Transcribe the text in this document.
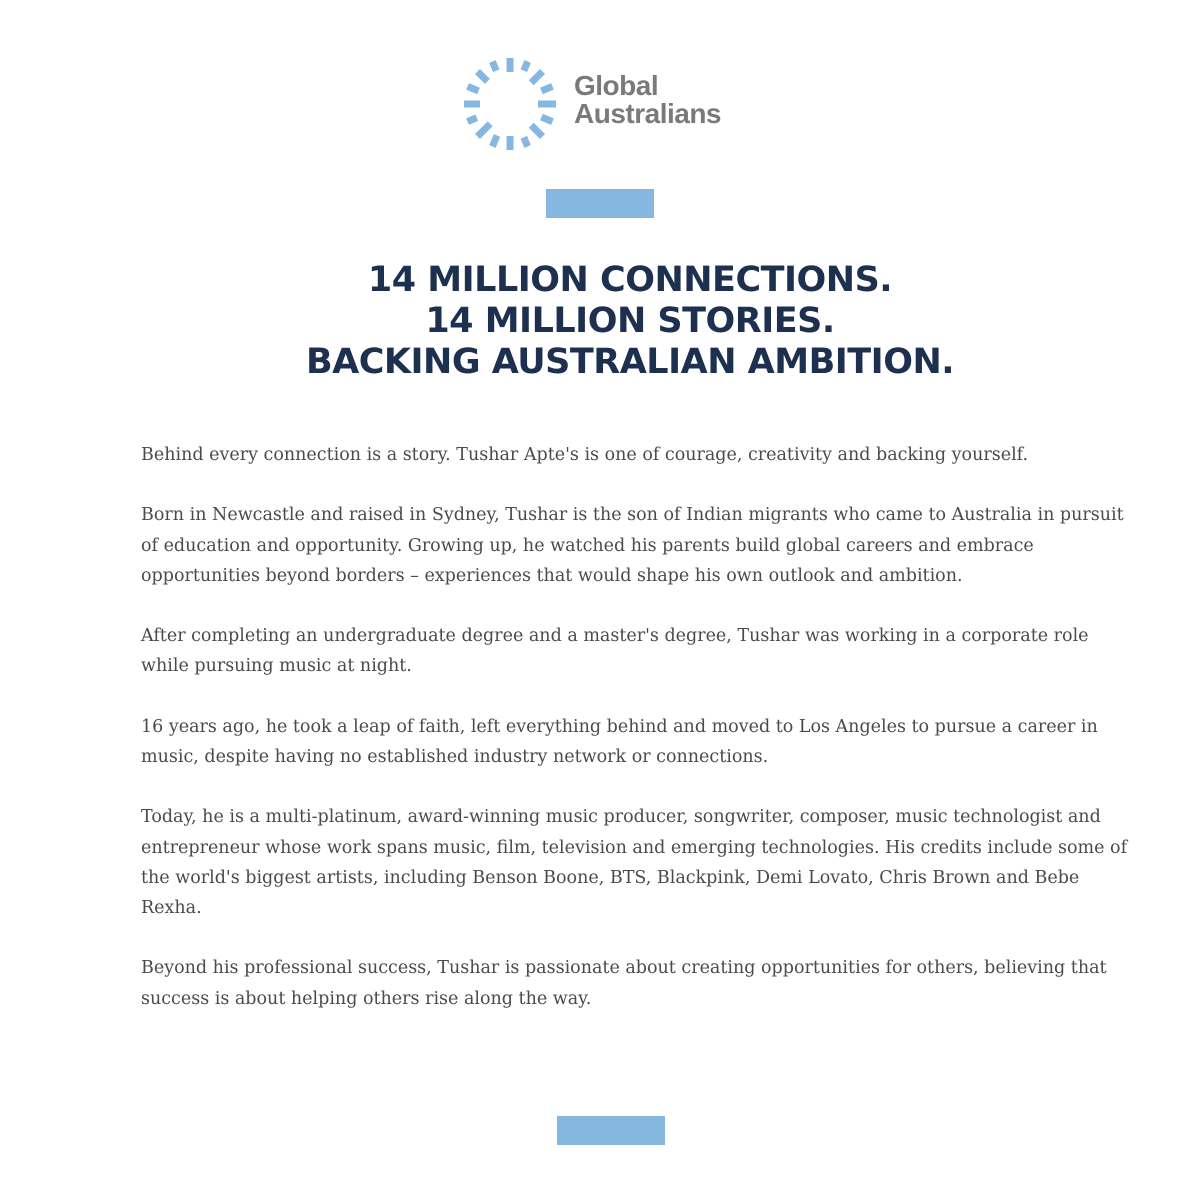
Global
Australians
14 MILLION CONNECTIONS.
14 MILLION STORIES.
BACKING AUSTRALIAN AMBITION.

Behind every connection is a story. Tushar Apte's is one of courage, creativity and backing yourself.

Born in Newcastle and raised in Sydney, Tushar is the son of Indian migrants who came to Australia in pursuit of education and opportunity. Growing up, he watched his parents build global careers and embrace opportunities beyond borders – experiences that would shape his own outlook and ambition.

After completing an undergraduate degree and a master's degree, Tushar was working in a corporate role while pursuing music at night.

16 years ago, he took a leap of faith, left everything behind and moved to Los Angeles to pursue a career in music, despite having no established industry network or connections.

Today, he is a multi-platinum, award-winning music producer, songwriter, composer, music technologist and entrepreneur whose work spans music, film, television and emerging technologies. His credits include some of the world's biggest artists, including Benson Boone, BTS, Blackpink, Demi Lovato, Chris Brown and Bebe Rexha.

Beyond his professional success, Tushar is passionate about creating opportunities for others, believing that success is about helping others rise along the way.
